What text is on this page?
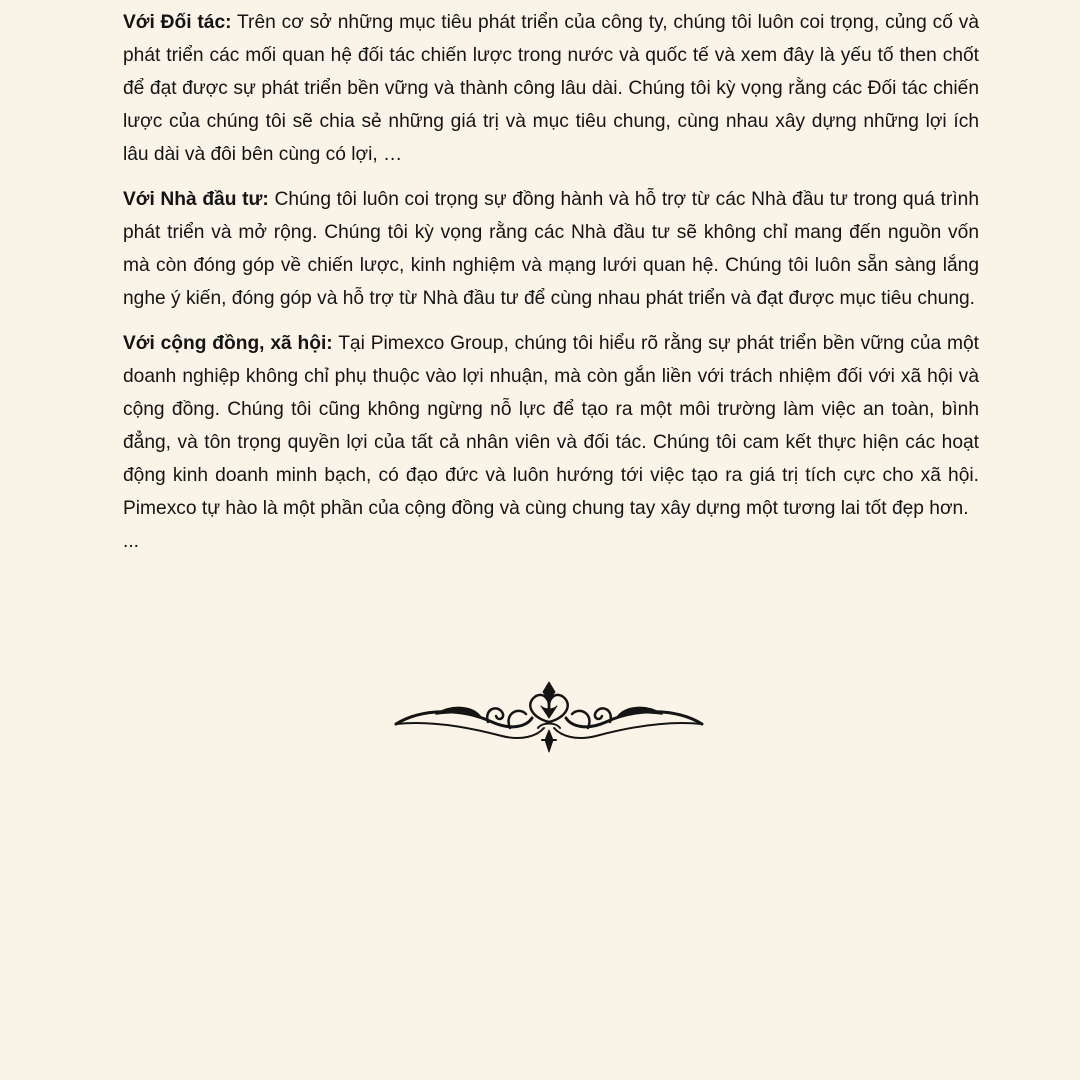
Với Đối tác: Trên cơ sở những mục tiêu phát triển của công ty, chúng tôi luôn coi trọng, củng cố và phát triển các mối quan hệ đối tác chiến lược trong nước và quốc tế và xem đây là yếu tố then chốt để đạt được sự phát triển bền vững và thành công lâu dài. Chúng tôi kỳ vọng rằng các Đối tác chiến lược của chúng tôi sẽ chia sẻ những giá trị và mục tiêu chung, cùng nhau xây dựng những lợi ích lâu dài và đôi bên cùng có lợi, …

Với Nhà đầu tư: Chúng tôi luôn coi trọng sự đồng hành và hỗ trợ từ các Nhà đầu tư trong quá trình phát triển và mở rộng. Chúng tôi kỳ vọng rằng các Nhà đầu tư sẽ không chỉ mang đến nguồn vốn mà còn đóng góp về chiến lược, kinh nghiệm và mạng lưới quan hệ. Chúng tôi luôn sẵn sàng lắng nghe ý kiến, đóng góp và hỗ trợ từ Nhà đầu tư để cùng nhau phát triển và đạt được mục tiêu chung.

Với cộng đồng, xã hội: Tại Pimexco Group, chúng tôi hiểu rõ rằng sự phát triển bền vững của một doanh nghiệp không chỉ phụ thuộc vào lợi nhuận, mà còn gắn liền với trách nhiệm đối với xã hội và cộng đồng. Chúng tôi cũng không ngừng nỗ lực để tạo ra một môi trường làm việc an toàn, bình đẳng, và tôn trọng quyền lợi của tất cả nhân viên và đối tác. Chúng tôi cam kết thực hiện các hoạt động kinh doanh minh bạch, có đạo đức và luôn hướng tới việc tạo ra giá trị tích cực cho xã hội. Pimexco tự hào là một phần của cộng đồng và cùng chung tay xây dựng một tương lai tốt đẹp hơn.

...
